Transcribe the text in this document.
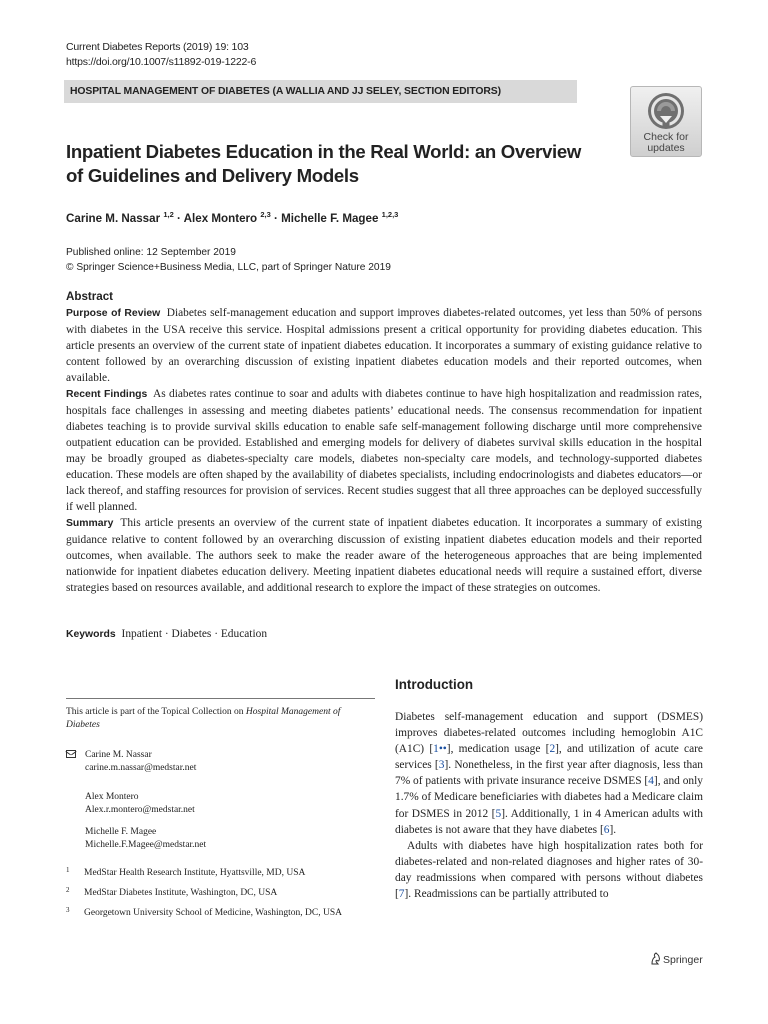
Current Diabetes Reports (2019) 19: 103
https://doi.org/10.1007/s11892-019-1222-6
HOSPITAL MANAGEMENT OF DIABETES (A WALLIA AND JJ SELEY, SECTION EDITORS)
Check for
updates
Inpatient Diabetes Education in the Real World: an Overview
of Guidelines and Delivery Models
Carine M. Nassar $^{1,2}$ · Alex Montero $^{2,3}$ · Michelle F. Magee $^{1,2,3}$
Published online: 12 September 2019
© Springer Science+Business Media, LLC, part of Springer Nature 2019
Abstract

Purpose of Review Diabetes self-management education and support improves diabetes-related outcomes, yet less than 50% of persons with diabetes in the USA receive this service. Hospital admissions present a critical opportunity for providing diabetes education. This article presents an overview of the current state of inpatient diabetes education. It incorporates a summary of existing guidance relative to content followed by an overarching discussion of existing inpatient diabetes education models and their reported outcomes, when available.

Recent Findings As diabetes rates continue to soar and adults with diabetes continue to have high hospitalization and readmission rates, hospitals face challenges in assessing and meeting diabetes patients’ educational needs. The consensus recommendation for inpatient diabetes teaching is to provide survival skills education to enable safe self-management following discharge until more comprehensive outpatient education can be provided. Established and emerging models for delivery of diabetes survival skills education in the hospital may be broadly grouped as diabetes-specialty care models, diabetes non-specialty care models, and technology-supported diabetes education. These models are often shaped by the availability of diabetes specialists, including endocrinologists and diabetes educators—or lack thereof, and staffing resources for provision of services. Recent studies suggest that all three approaches can be deployed successfully if well planned.

Summary This article presents an overview of the current state of inpatient diabetes education. It incorporates a summary of existing guidance relative to content followed by an overarching discussion of existing inpatient diabetes education models and their reported outcomes, when available. The authors seek to make the reader aware of the heterogeneous approaches that are being implemented nationwide for inpatient diabetes education delivery. Meeting inpatient diabetes educational needs will require a sustained effort, diverse strategies based on resources available, and additional research to explore the impact of these strategies on outcomes.

Keywords Inpatient · Diabetes · Education
This article is part of the Topical Collection on Hospital Management of Diabetes
Carine M. Nassar
carine.m.nassar@medstar.net
Alex Montero
Alex.r.montero@medstar.net
Michelle F. Magee
Michelle.F.Magee@medstar.net
1 MedStar Health Research Institute, Hyattsville, MD, USA
2 MedStar Diabetes Institute, Washington, DC, USA
3 Georgetown University School of Medicine, Washington, DC, USA
Introduction

Diabetes self-management education and support (DSMES) improves diabetes-related outcomes including hemoglobin A1C (A1C) [1••], medication usage [2], and utilization of acute care services [3]. Nonetheless, in the first year after diagnosis, less than 7% of patients with private insurance receive DSMES [4], and only 1.7% of Medicare beneficiaries with diabetes had a Medicare claim for DSMES in 2012 [5]. Additionally, 1 in 4 American adults with diabetes is not aware that they have diabetes [6].

Adults with diabetes have high hospitalization rates both for diabetes-related and non-related diagnoses and higher rates of 30-day readmissions when compared with persons without diabetes [7]. Readmissions can be partially attributed to

Springer
